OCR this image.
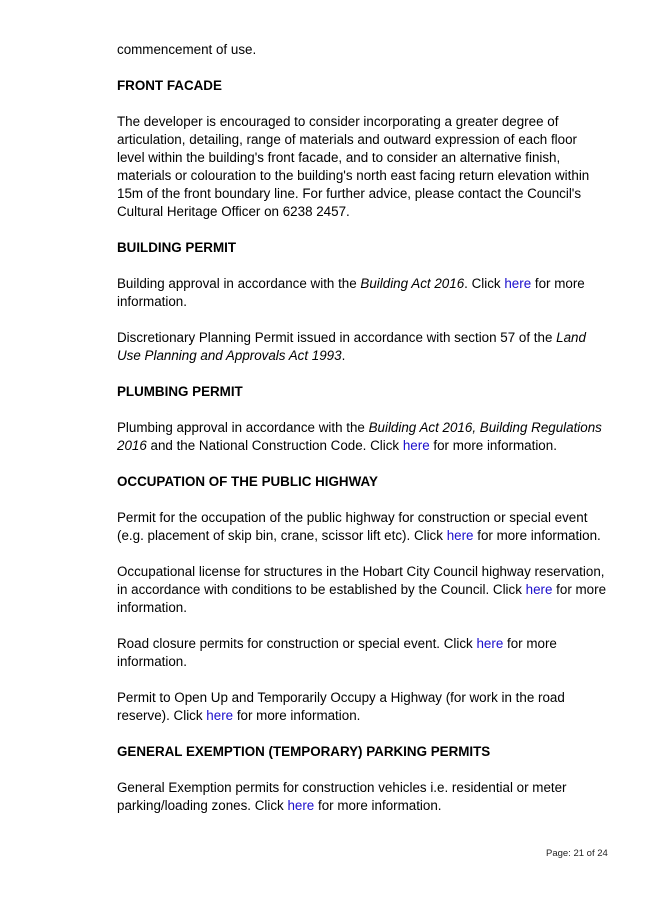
commencement of use.

FRONT FACADE

The developer is encouraged to consider incorporating a greater degree of articulation, detailing, range of materials and outward expression of each floor level within the building's front facade, and to consider an alternative finish, materials or colouration to the building's north east facing return elevation within 15m of the front boundary line. For further advice, please contact the Council's Cultural Heritage Officer on 6238 2457.

BUILDING PERMIT

Building approval in accordance with the Building Act 2016. Click here for more information.

Discretionary Planning Permit issued in accordance with section 57 of the Land Use Planning and Approvals Act 1993.

PLUMBING PERMIT

Plumbing approval in accordance with the Building Act 2016, Building Regulations 2016 and the National Construction Code. Click here for more information.

OCCUPATION OF THE PUBLIC HIGHWAY

Permit for the occupation of the public highway for construction or special event (e.g. placement of skip bin, crane, scissor lift etc). Click here for more information.

Occupational license for structures in the Hobart City Council highway reservation, in accordance with conditions to be established by the Council. Click here for more information.

Road closure permits for construction or special event. Click here for more information.

Permit to Open Up and Temporarily Occupy a Highway (for work in the road reserve). Click here for more information.

GENERAL EXEMPTION (TEMPORARY) PARKING PERMITS

General Exemption permits for construction vehicles i.e. residential or meter parking/loading zones. Click here for more information.

Page: 21 of 24
